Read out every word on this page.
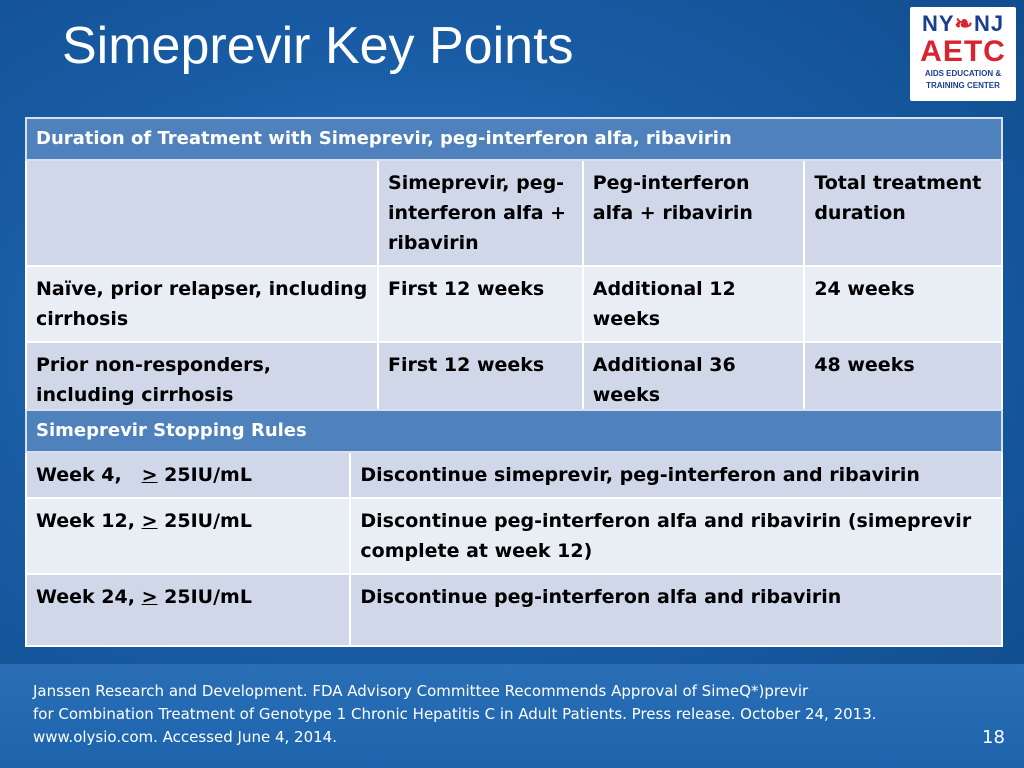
Simeprevir Key Points	NY❧NJ
AETC
AIDS EDUCATION &
TRAINING CENTER
Duration of Treatment with Simeprevir, peg-interferon alfa, ribavirin			
	Simeprevir, peg-interferon alfa + ribavirin	Peg-interferon alfa + ribavirin	Total treatment duration
Naïve, prior relapser, including cirrhosis	First 12 weeks	Additional 12 weeks	24 weeks
Prior non-responders, including cirrhosis	First 12 weeks	Additional 36 weeks	48 weeks
Simeprevir Stopping Rules	
Week 4, > 25IU/mL	Discontinue simeprevir, peg-interferon and ribavirin
Week 12, > 25IU/mL	Discontinue peg-interferon alfa and ribavirin (simeprevir complete at week 12)
Week 24, > 25IU/mL	Discontinue peg-interferon alfa and ribavirin
Janssen Research and Development. FDA Advisory Committee Recommends Approval of SimeQ*)previr
for Combination Treatment of Genotype 1 Chronic Hepatitis C in Adult Patients. Press release. October 24, 2013.
www.olysio.com. Accessed June 4, 2014.	18
